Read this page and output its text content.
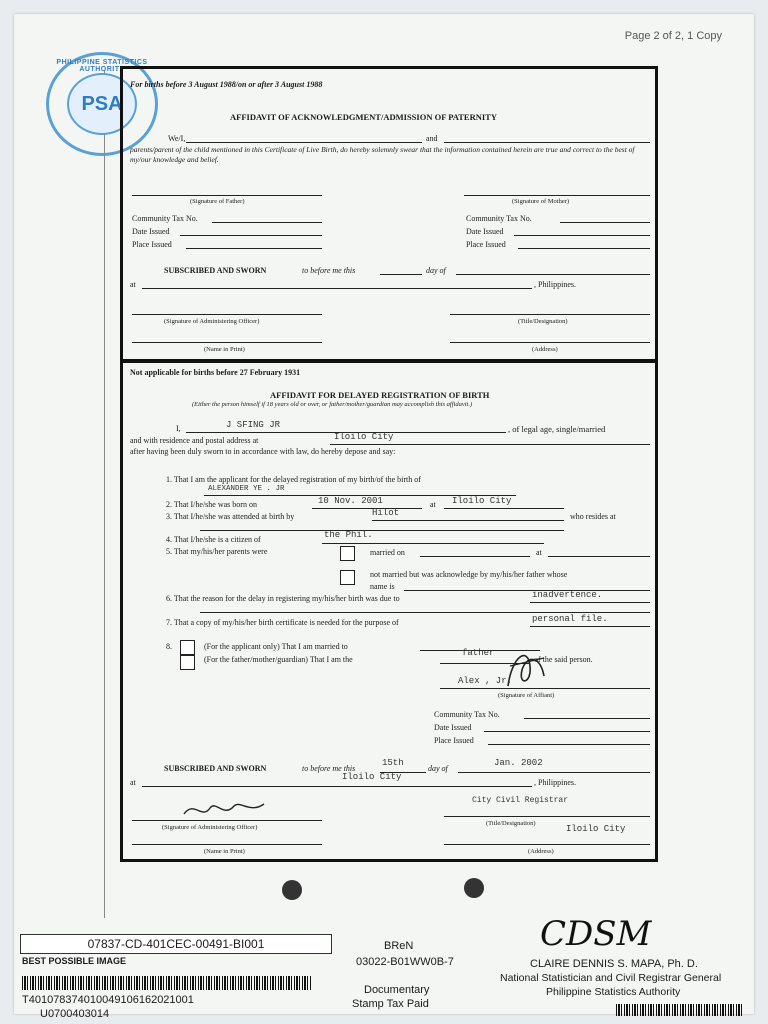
Page 2 of 2, 1 Copy
PHILIPPINE STATISTICS AUTHORITY
PSA
For births before 3 August 1988/on or after 3 August 1988
AFFIDAVIT OF ACKNOWLEDGMENT/ADMISSION OF PATERNITY
We/I,	and
parents/parent of the child mentioned in this Certificate of Live Birth, do hereby solemnly swear that the information contained herein are true and correct to the best of my/our knowledge and belief.
(Signature of Father)	(Signature of Mother)
Community Tax No.
Date Issued
Place Issued
Community Tax No.
Date Issued
Place Issued
SUBSCRIBED AND SWORN	to before me this	day of
at	, Philippines.
(Signature of Administering Officer)	(Title/Designation)
(Name in Print)	(Address)
Not applicable for births before 27 February 1931
AFFIDAVIT FOR DELAYED REGISTRATION OF BIRTH
(Either the person himself if 18 years old or over, or father/mother/guardian may accomplish this affidavit.)
I,	J SFING JR	, of legal age, single/married
and with residence and postal address at	Iloilo City
after having been duly sworn to in accordance with law, do hereby depose and say:
1. That I am the applicant for the delayed registration of my birth/of the birth of
ALEXANDER YE . JR
2. That I/he/she was born on	10 Nov. 2001	at Iloilo City
3. That I/he/she was attended at birth by	Hilot	who resides at
4. That I/he/she is a citizen of	the Phil.
5. That my/his/her parents were	married on	at
not married but was acknowledge by my/his/her father whose
name is
6. That the reason for the delay in registering my/his/her birth was due to	inadvertence.
7. That a copy of my/his/her birth certificate is needed for the purpose of	personal file.
8.	(For the applicant only) That I am married to
(For the father/mother/guardian) That I am the
father
of the said person.
Alex , Jr.
(Signature of Affiant)
Community Tax No.
Date Issued
Place Issued
SUBSCRIBED AND SWORN	to before me this
15th
day of
Jan. 2002
at
Iloilo City
, Philippines.
(Signature of Administering Officer)
City Civil Registrar
(Title/Designation)
Iloilo City
(Name in Print)	(Address)
07837-CD-401CEC-00491-BI001
BEST POSSIBLE IMAGE
T401078374010049106162021001
U0700403014
BReN
03022-B01WW0B-7
Documentary
Stamp Tax Paid
CDSM
CLAIRE DENNIS S. MAPA, Ph. D.
National Statistician and Civil Registrar General
Philippine Statistics Authority
